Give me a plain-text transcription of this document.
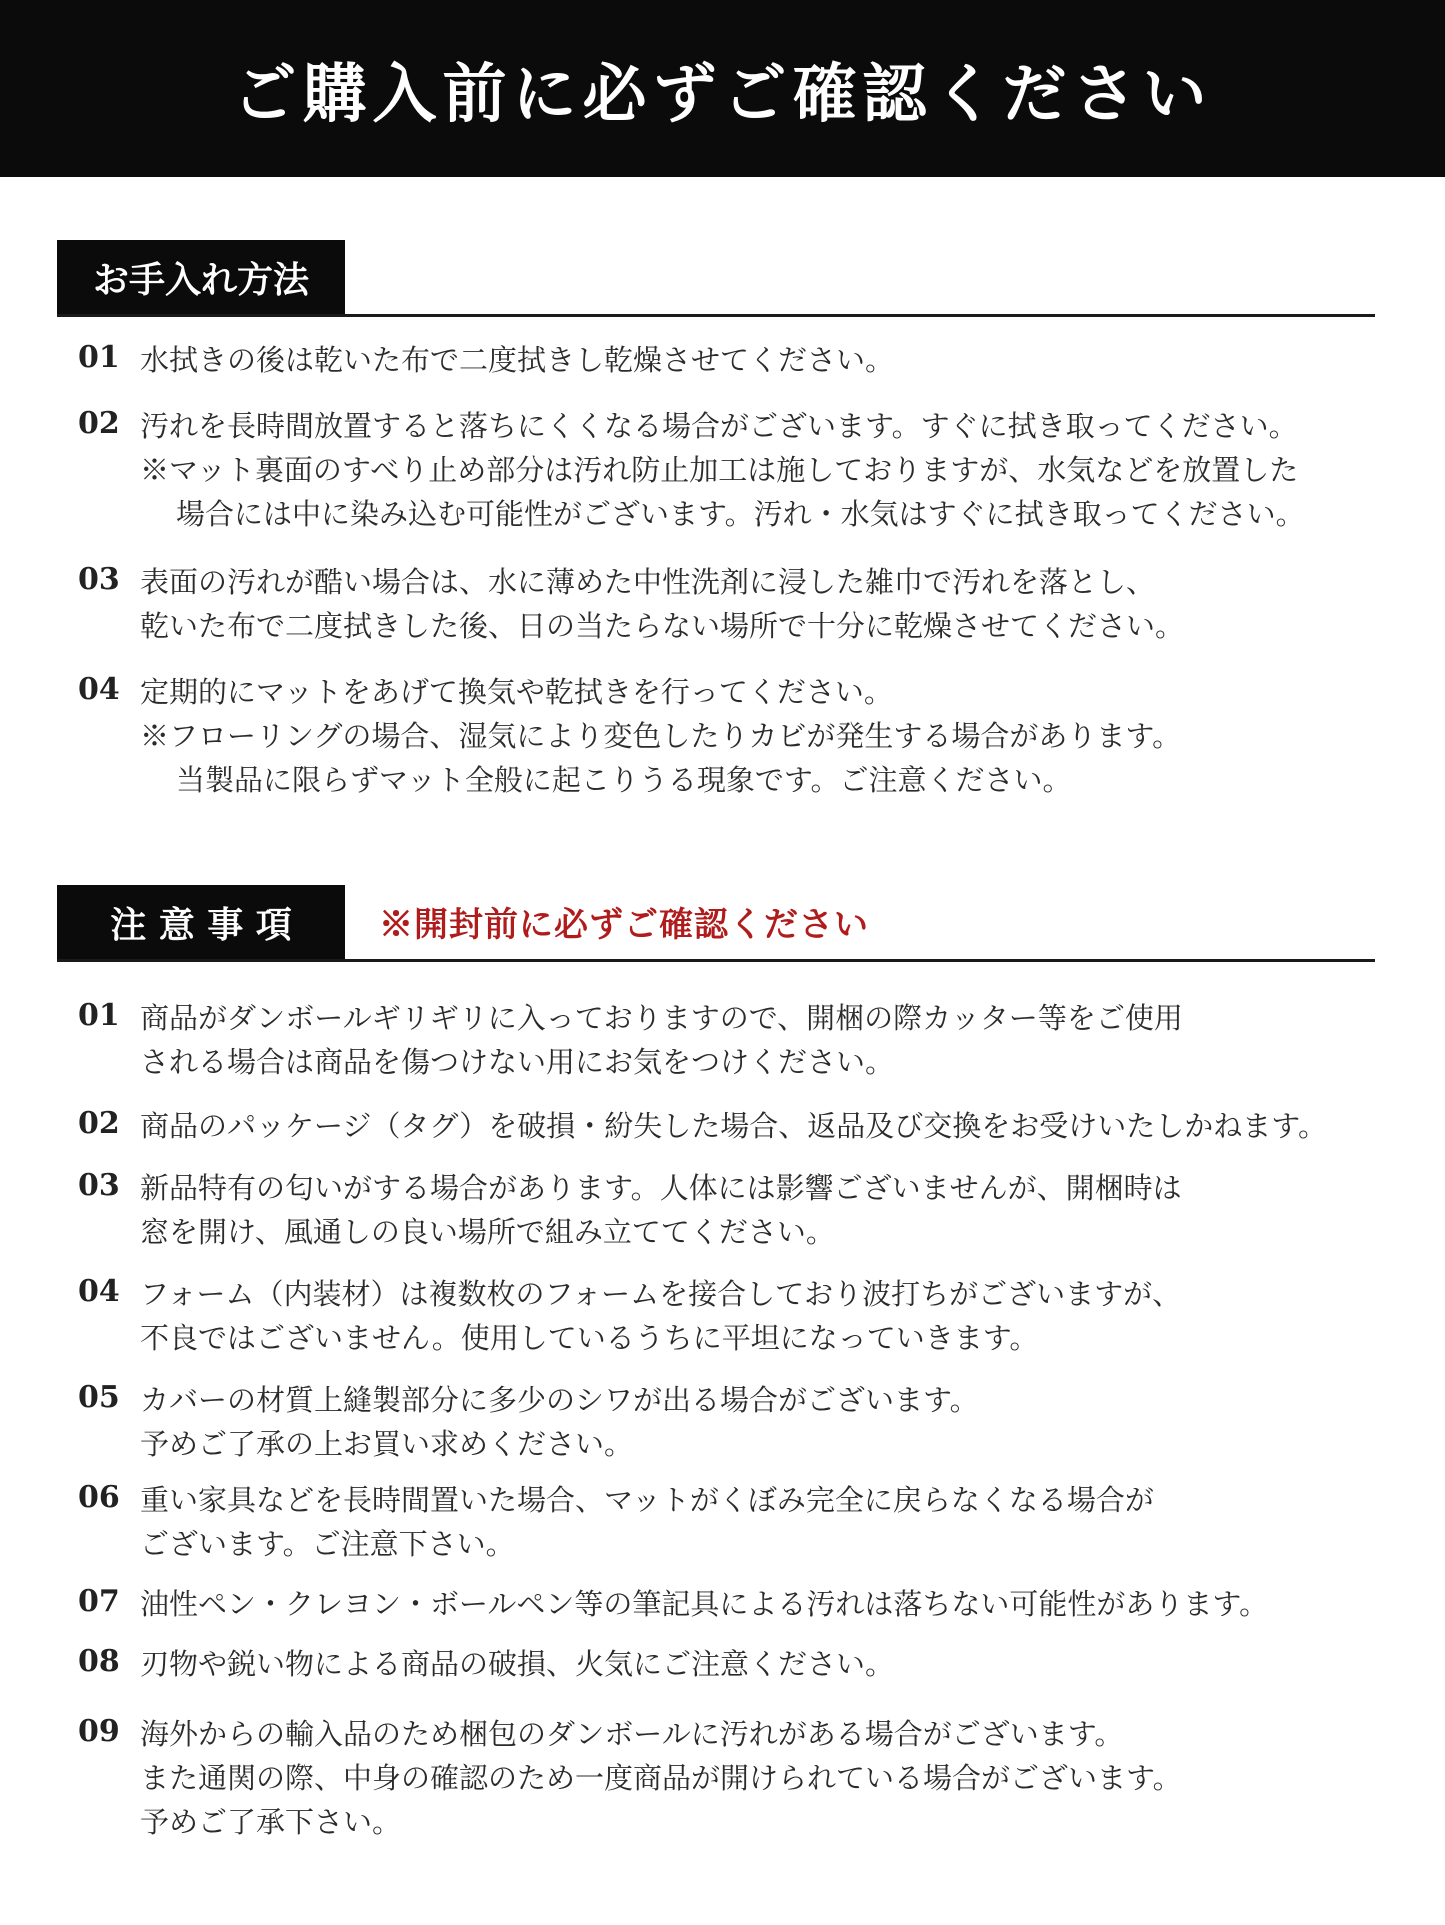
ご購入前に必ずご確認ください
お手入れ方法
01 水拭きの後は乾いた布で二度拭きし乾燥させてください。
02 汚れを長時間放置すると落ちにくくなる場合がございます。すぐに拭き取ってください。
※マット裏面のすべり止め部分は汚れ防止加工は施しておりますが、水気などを放置した
場合には中に染み込む可能性がございます。汚れ・水気はすぐに拭き取ってください。
03 表面の汚れが酷い場合は、水に薄めた中性洗剤に浸した雑巾で汚れを落とし、
乾いた布で二度拭きした後、日の当たらない場所で十分に乾燥させてください。
04 定期的にマットをあげて換気や乾拭きを行ってください。
※フローリングの場合、湿気により変色したりカビが発生する場合があります。
当製品に限らずマット全般に起こりうる現象です。ご注意ください。
注 意 事 項	※開封前に必ずご確認ください
01 商品がダンボールギリギリに入っておりますので、開梱の際カッター等をご使用
される場合は商品を傷つけない用にお気をつけください。
02 商品のパッケージ（タグ）を破損・紛失した場合、返品及び交換をお受けいたしかねます。
03 新品特有の匂いがする場合があります。人体には影響ございませんが、開梱時は
窓を開け、風通しの良い場所で組み立ててください。
04 フォーム（内装材）は複数枚のフォームを接合しており波打ちがございますが、
不良ではございません。使用しているうちに平坦になっていきます。
05 カバーの材質上縫製部分に多少のシワが出る場合がございます。
予めご了承の上お買い求めください。
06 重い家具などを長時間置いた場合、マットがくぼみ完全に戻らなくなる場合が
ございます。ご注意下さい。
07 油性ペン・クレヨン・ボールペン等の筆記具による汚れは落ちない可能性があります。
08 刃物や鋭い物による商品の破損、火気にご注意ください。
09 海外からの輸入品のため梱包のダンボールに汚れがある場合がございます。
また通関の際、中身の確認のため一度商品が開けられている場合がございます。
予めご了承下さい。
